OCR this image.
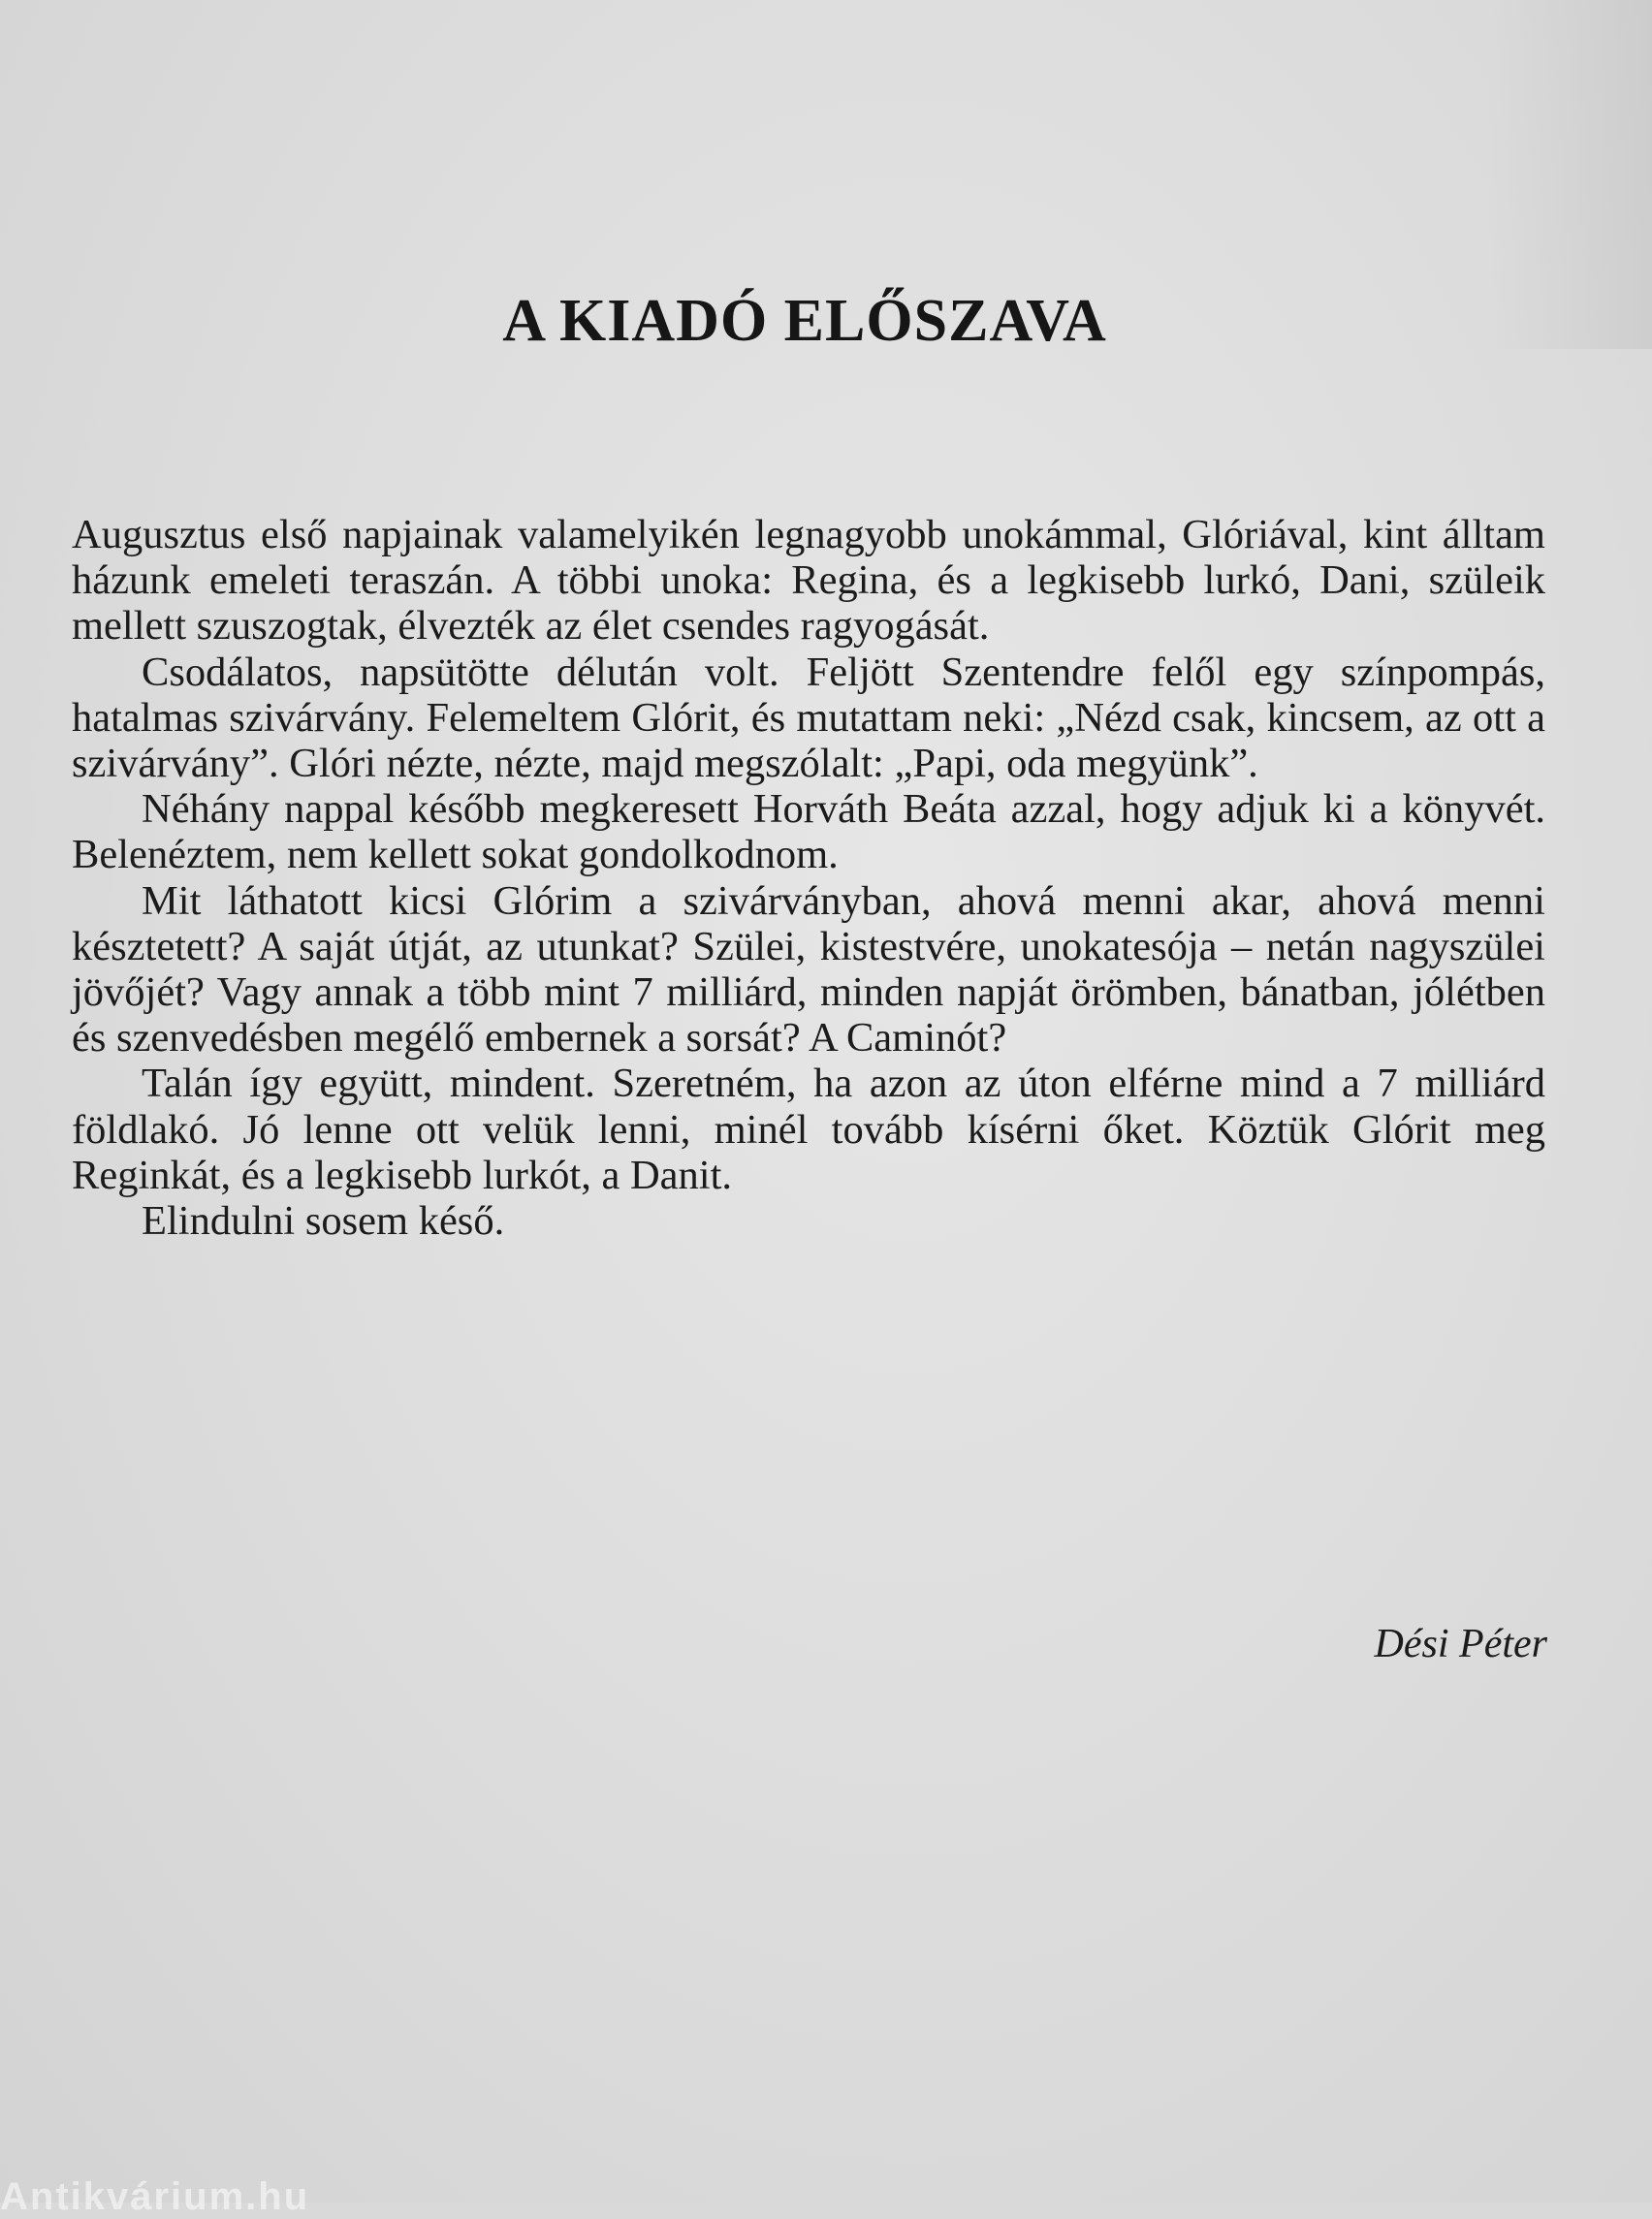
A KIADÓ ELŐSZAVA

Augusztus első napjainak valamelyikén legnagyobb unokámmal, Glóriával, kint álltam házunk emeleti teraszán. A többi unoka: Regina, és a legkisebb lurkó, Dani, szüleik mellett szuszogtak, élvezték az élet csendes ragyogását.

Csodálatos, napsütötte délután volt. Feljött Szentendre felől egy színpompás, hatalmas szivárvány. Felemeltem Glórit, és mutattam neki: „Nézd csak, kincsem, az ott a szivárvány”. Glóri nézte, nézte, majd megszólalt: „Papi, oda megyünk”.

Néhány nappal később megkeresett Horváth Beáta azzal, hogy adjuk ki a könyvét. Belenéztem, nem kellett sokat gondolkodnom.

Mit láthatott kicsi Glórim a szivárványban, ahová menni akar, ahová menni késztetett? A saját útját, az utunkat? Szülei, kistestvére, unokatesója – netán nagyszülei jövőjét? Vagy annak a több mint 7 milliárd, minden napját örömben, bánatban, jólétben és szenvedésben megélő embernek a sorsát? A Caminót?

Talán így együtt, mindent. Szeretném, ha azon az úton elférne mind a 7 milliárd földlakó. Jó lenne ott velük lenni, minél tovább kísérni őket. Köztük Glórit meg Reginkát, és a legkisebb lurkót, a Danit.

Elindulni sosem késő.

Dési Péter
Antikvárium.hu
